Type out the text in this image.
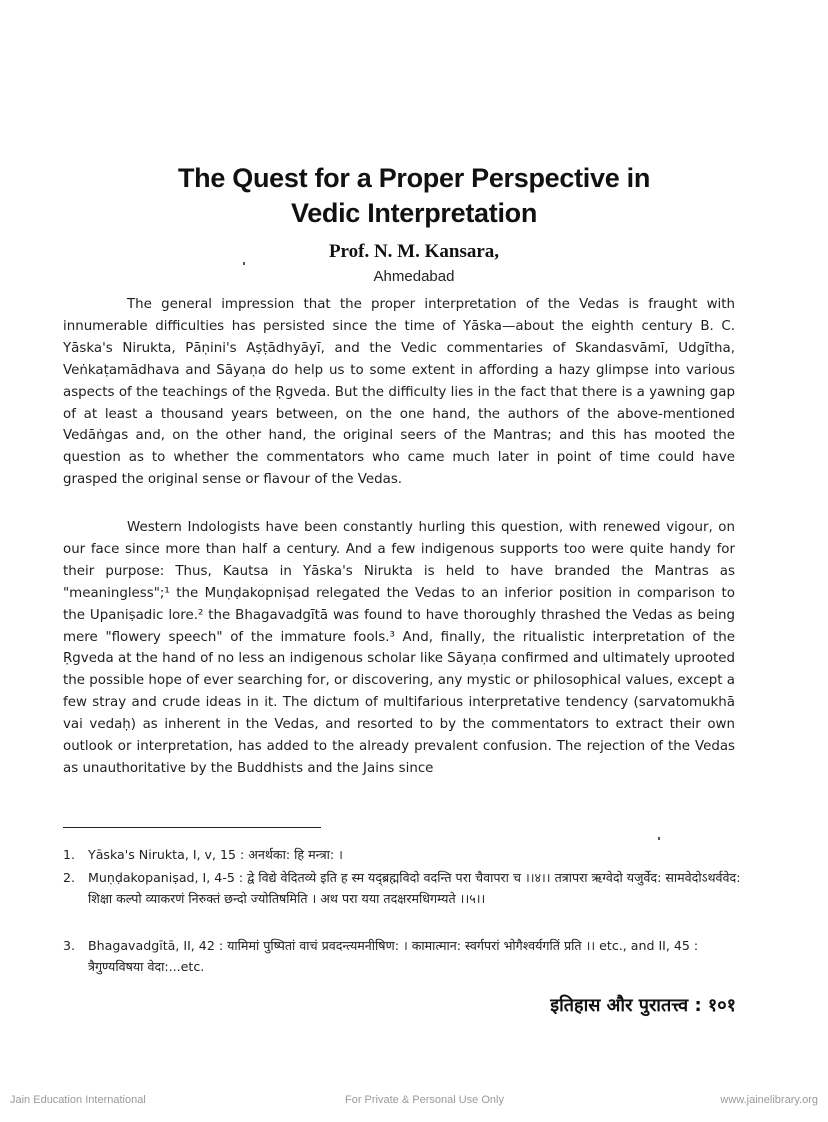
The Quest for a Proper Perspective in
Vedic Interpretation
Prof. N. M. Kansara,
Ahmedabad

The general impression that the proper interpretation of the Vedas is fraught with innumerable difficulties has persisted since the time of Yāska—about the eighth century B. C. Yāska's Nirukta, Pāṇini's Aṣṭādhyāyī, and the Vedic commentaries of Skandasvāmī, Udgītha, Veṅkaṭamādhava and Sāyaṇa do help us to some extent in affording a hazy glimpse into various aspects of the teachings of the Ṛgveda. But the difficulty lies in the fact that there is a yawning gap of at least a thousand years between, on the one hand, the authors of the above-mentioned Vedāṅgas and, on the other hand, the original seers of the Mantras; and this has mooted the question as to whether the commentators who came much later in point of time could have grasped the original sense or flavour of the Vedas.

Western Indologists have been constantly hurling this question, with renewed vigour, on our face since more than half a century. And a few indigenous supports too were quite handy for their purpose: Thus, Kautsa in Yāska's Nirukta is held to have branded the Mantras as "meaningless";¹ the Muṇḍakopniṣad relegated the Vedas to an inferior position in comparison to the Upaniṣadic lore.² the Bhagavadgītā was found to have thoroughly thrashed the Vedas as being mere "flowery speech" of the immature fools.³ And, finally, the ritualistic interpretation of the Ṛgveda at the hand of no less an indigenous scholar like Sāyaṇa confirmed and ultimately uprooted the possible hope of ever searching for, or discovering, any mystic or philosophical values, except a few stray and crude ideas in it. The dictum of multifarious interpretative tendency (sarvatomukhā vai vedaḥ) as inherent in the Vedas, and resorted to by the commentators to extract their own outlook or interpretation, has added to the already prevalent confusion. The rejection of the Vedas as unauthoritative by the Buddhists and the Jains since

1. Yāska's Nirukta, I, v, 15 : अनर्थका: हि मन्त्रा: ।
2. Muṇḍakopaniṣad, I, 4-5 : द्वे विद्ये वेदितव्ये इति ह स्म यद्ब्रह्मविदो वदन्ति परा चैवापरा च ।।४।। तत्रापरा ऋग्वेदो यजुर्वेद: सामवेदोऽथर्ववेद: शिक्षा कल्पो व्याकरणं निरुक्तं छन्दो ज्योतिषमिति । अथ परा यया तदक्षरमधिगम्यते ।।५।।
3. Bhagavadgītā, II, 42 : यामिमां पुष्पितां वाचं प्रवदन्त्यमनीषिण: । कामात्मान: स्वर्गपरां भोगैश्वर्यगतिं प्रति ।। etc., and II, 45 : त्रैगुण्यविषया वेदा:...etc.
इतिहास और पुरातत्त्व : १०१
Jain Education International	For Private & Personal Use Only	www.jainelibrary.org
